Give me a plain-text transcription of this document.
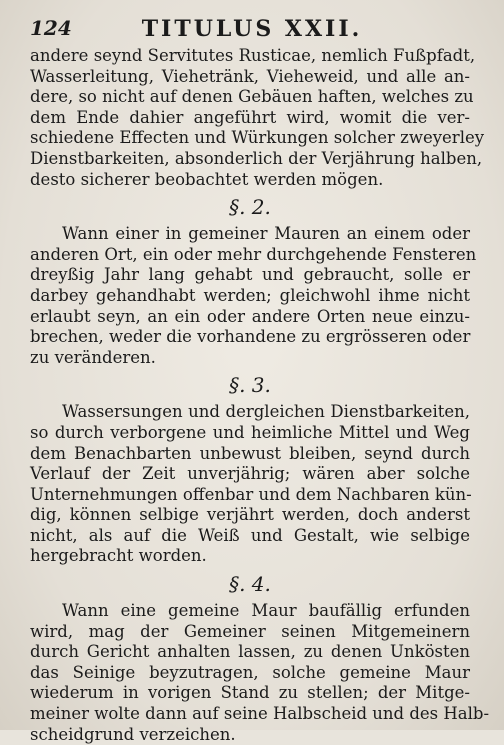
124	TITULUS XXII.
andere seynd Servitutes Rusticae, nemlich Fußpfadt,
Wasserleitung, Viehetränk, Vieheweid, und alle an-
dere, so nicht auf denen Gebäuen haften, welches zu
dem Ende dahier angeführt wird, womit die ver-
schiedene Effecten und Würkungen solcher zweyerley
Dienstbarkeiten, absonderlich der Verjährung halben,
desto sicherer beobachtet werden mögen.
§. 2.
Wann einer in gemeiner Mauren an einem oder
anderen Ort, ein oder mehr durchgehende Fensteren
dreyßig Jahr lang gehabt und gebraucht, solle er
darbey gehandhabt werden; gleichwohl ihme nicht
erlaubt seyn, an ein oder andere Orten neue einzu-
brechen, weder die vorhandene zu ergrösseren oder
zu veränderen.
§. 3.
Wassersungen und dergleichen Dienstbarkeiten,
so durch verborgene und heimliche Mittel und Weg
dem Benachbarten unbewust bleiben, seynd durch
Verlauf der Zeit unverjährig; wären aber solche
Unternehmungen offenbar und dem Nachbaren kün-
dig, können selbige verjährt werden, doch anderst
nicht, als auf die Weiß und Gestalt, wie selbige
hergebracht worden.
§. 4.
Wann eine gemeine Maur baufällig erfunden
wird, mag der Gemeiner seinen Mitgemeinern
durch Gericht anhalten lassen, zu denen Unkösten
das Seinige beyzutragen, solche gemeine Maur
wiederum in vorigen Stand zu stellen; der Mitge-
meiner wolte dann auf seine Halbscheid und des Halb-
scheidgrund verzeichen.
